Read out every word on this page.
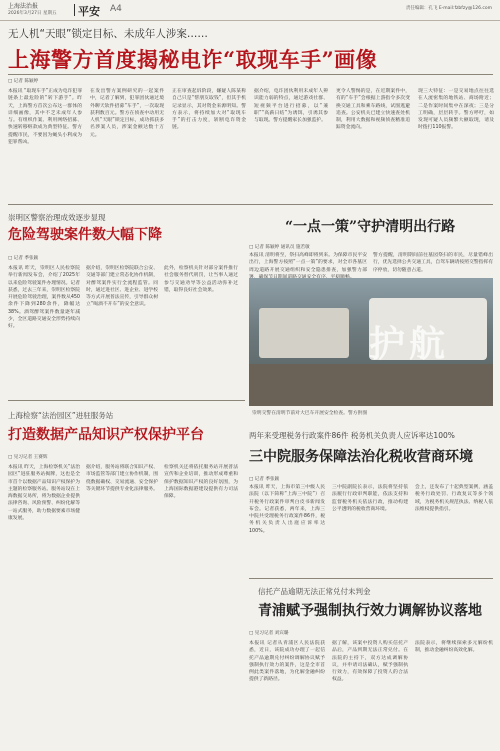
上海法治报
2026年3月27日 星期五 平安 A4	责任编辑：孔飞 E-mail:fzbfzy@126.com
无人机“天眼”锁定目标、未成年人涉案……
上海警方首度揭秘电诈“取现车手”画像
□ 记者 陈颖婷
本报讯 “取现车手”正成为电诈犯罪链条上最危险的“转下游手”。昨天，上海警方首次公布这一群体的详细画像，其中不乏未成年人参与。有组织作案、利用网络招募、快速转移赃款成为典型特征。警方提醒市民，不要因为蝇头小利成为犯罪帮凶。
在发出警方案例研究的一起案件中，记者了解到，犯罪团伙通过境外聊天软件招募“车手”，一次取现获利数百元。警方在侦查中动用无人机“天眼”锁定目标，成功抓获多名涉案人员，涉案金额达数十万元。
正在审查起诉阶段，嫌疑人陈某称自己只是“帮朋友取钱”，但其手机记录显示，其对资金来源明知。警方表示，将持续加大对“取现车手”的打击力度，斩断电诈资金链。
据介绍，电诈团伙利用未成年人辨识能力弱的特点，通过游戏社群、短视频平台进行招募，以“兼职”“高薪日结”为诱饵，引诱其参与取现。警方提醒家长加强监护。
更令人警惕的是，在近期案件中，有的“车手”会根据上游指令多次变换交通工具和乘车路线，试图逃避追查。公安机关已建立快速查处机制，利用大数据和视频侦查精准追踪资金流向。
现三大特征：一是交易地点往往选在人流密集的地铁站、商场附近；二是作案时间集中在深夜；三是分工明确，层层转手。警方呼吁，如发现可疑人员频繁大额取现，请及时拨打110报警。
崇明区警察治理成效逐步显现
危险驾驶案件数大幅下降
□ 记者 季张颖
本报讯 昨天，崇明区人民检察院举行新闻发布会，介绍了2025年以来危险驾驶案件办理情况。记者获悉，过去三年来，崇明区检察院开展危险驾驶治理，案件数从450余件下降到280余件，降幅达38%。酒驾醉驾案件数量逐年减少，全区道路交通安全形势持续向好。
据介绍，崇明区检察院联合公安、交通等部门建立常态化协作机制，对醉驾案件实行全流程监管。同时，通过进社区、进企业、进学校等方式开展普法宣传，引导群众树立“喝酒不开车”的安全意识。
此外，检察机关针对部分案件推行社会服务替代刑罚，让当事人通过参与交通劝导等公益活动弥补过错，取得良好社会效果。
“一点一策”守护清明出行路
□ 记者 陈颖婷 通讯员 施若敏
本报讯 清明将至，祭扫高峰即将到来。为保障市民平安出行，上海警方按照“一点一策”的要求，对全市各墓区周边道路开展交通组织和安全隐患排查，加强警力部
警方提醒，清明期间前往墓园祭扫的市民，尽量错峰出行，优先选择公共交通工具，自驾车辆请按照交警指挥有序停放，切勿随意占道。
护航
崇明交警在清明节前对大巴车开展安全检查。警方供图
两年来受理税务行政案件86件 税务机关负责人应诉率达100%
三中院服务保障法治化税收营商环境
□ 记者 季张颖
本报讯 昨天，上海市第三中级人民法院（以下简称“上海三中院”）召开税务行政案件审判白皮书新闻发布会。记者获悉，两年来，上海三中院共受理税务行政案件86件，税务机关负责人出庭应诉率达100%。
三中院副院长表示，法院将坚持依法履行行政审判职能，依法支持和监督税务机关依法行政，推动构建公平透明的税收营商环境。
会上，还发布了十起典型案例，涵盖税务行政处罚、行政复议等多个领域，为税务机关规范执法、纳税人依法维权提供指引。
上海检察“法治园区”进驻服务站
打造数据产品知识产权保护平台
□ 见习记者 王赛辉
本报讯 昨天，上海检察机关“法治园区”进驻服务站揭牌，这也是全市首个以数据产品知识产权保护为主题的检察服务站。服务站设在上海数据交易所，将为数据企业提供法律咨询、风险预警、纠纷化解等一站式服务，助力数据要素市场健康发展。
据介绍，服务站将联合知识产权、市场监管等部门建立协作机制，围绕数据确权、交易流通、安全保护等关键环节提供专业化法律服务。
检察机关还将依托服务站开展普法宣传和企业培训，推动形成尊重和保护数据知识产权的良好氛围，为上海国际数据港建设提供有力司法保障。
信托产品逾期无法正常兑付未判金
青浦赋予强制执行效力调解协议落地
□ 见习记者 刘宾璐
本报讯 记者从青浦区人民法院获悉，近日，该院成功办理了一起信托产品逾期兑付纠纷调解协议赋予强制执行效力的案件，这是全市首例此类案件落地，为化解金融纠纷提供了新路径。
据了解，该案中投资人购买信托产品后，产品到期无法正常兑付。在法院的主持下，双方达成调解协议，并申请司法确认，赋予强制执行效力，有效保障了投资人的合法权益。
法院表示，将继续探索多元解纷机制，推动金融纠纷高效化解。
